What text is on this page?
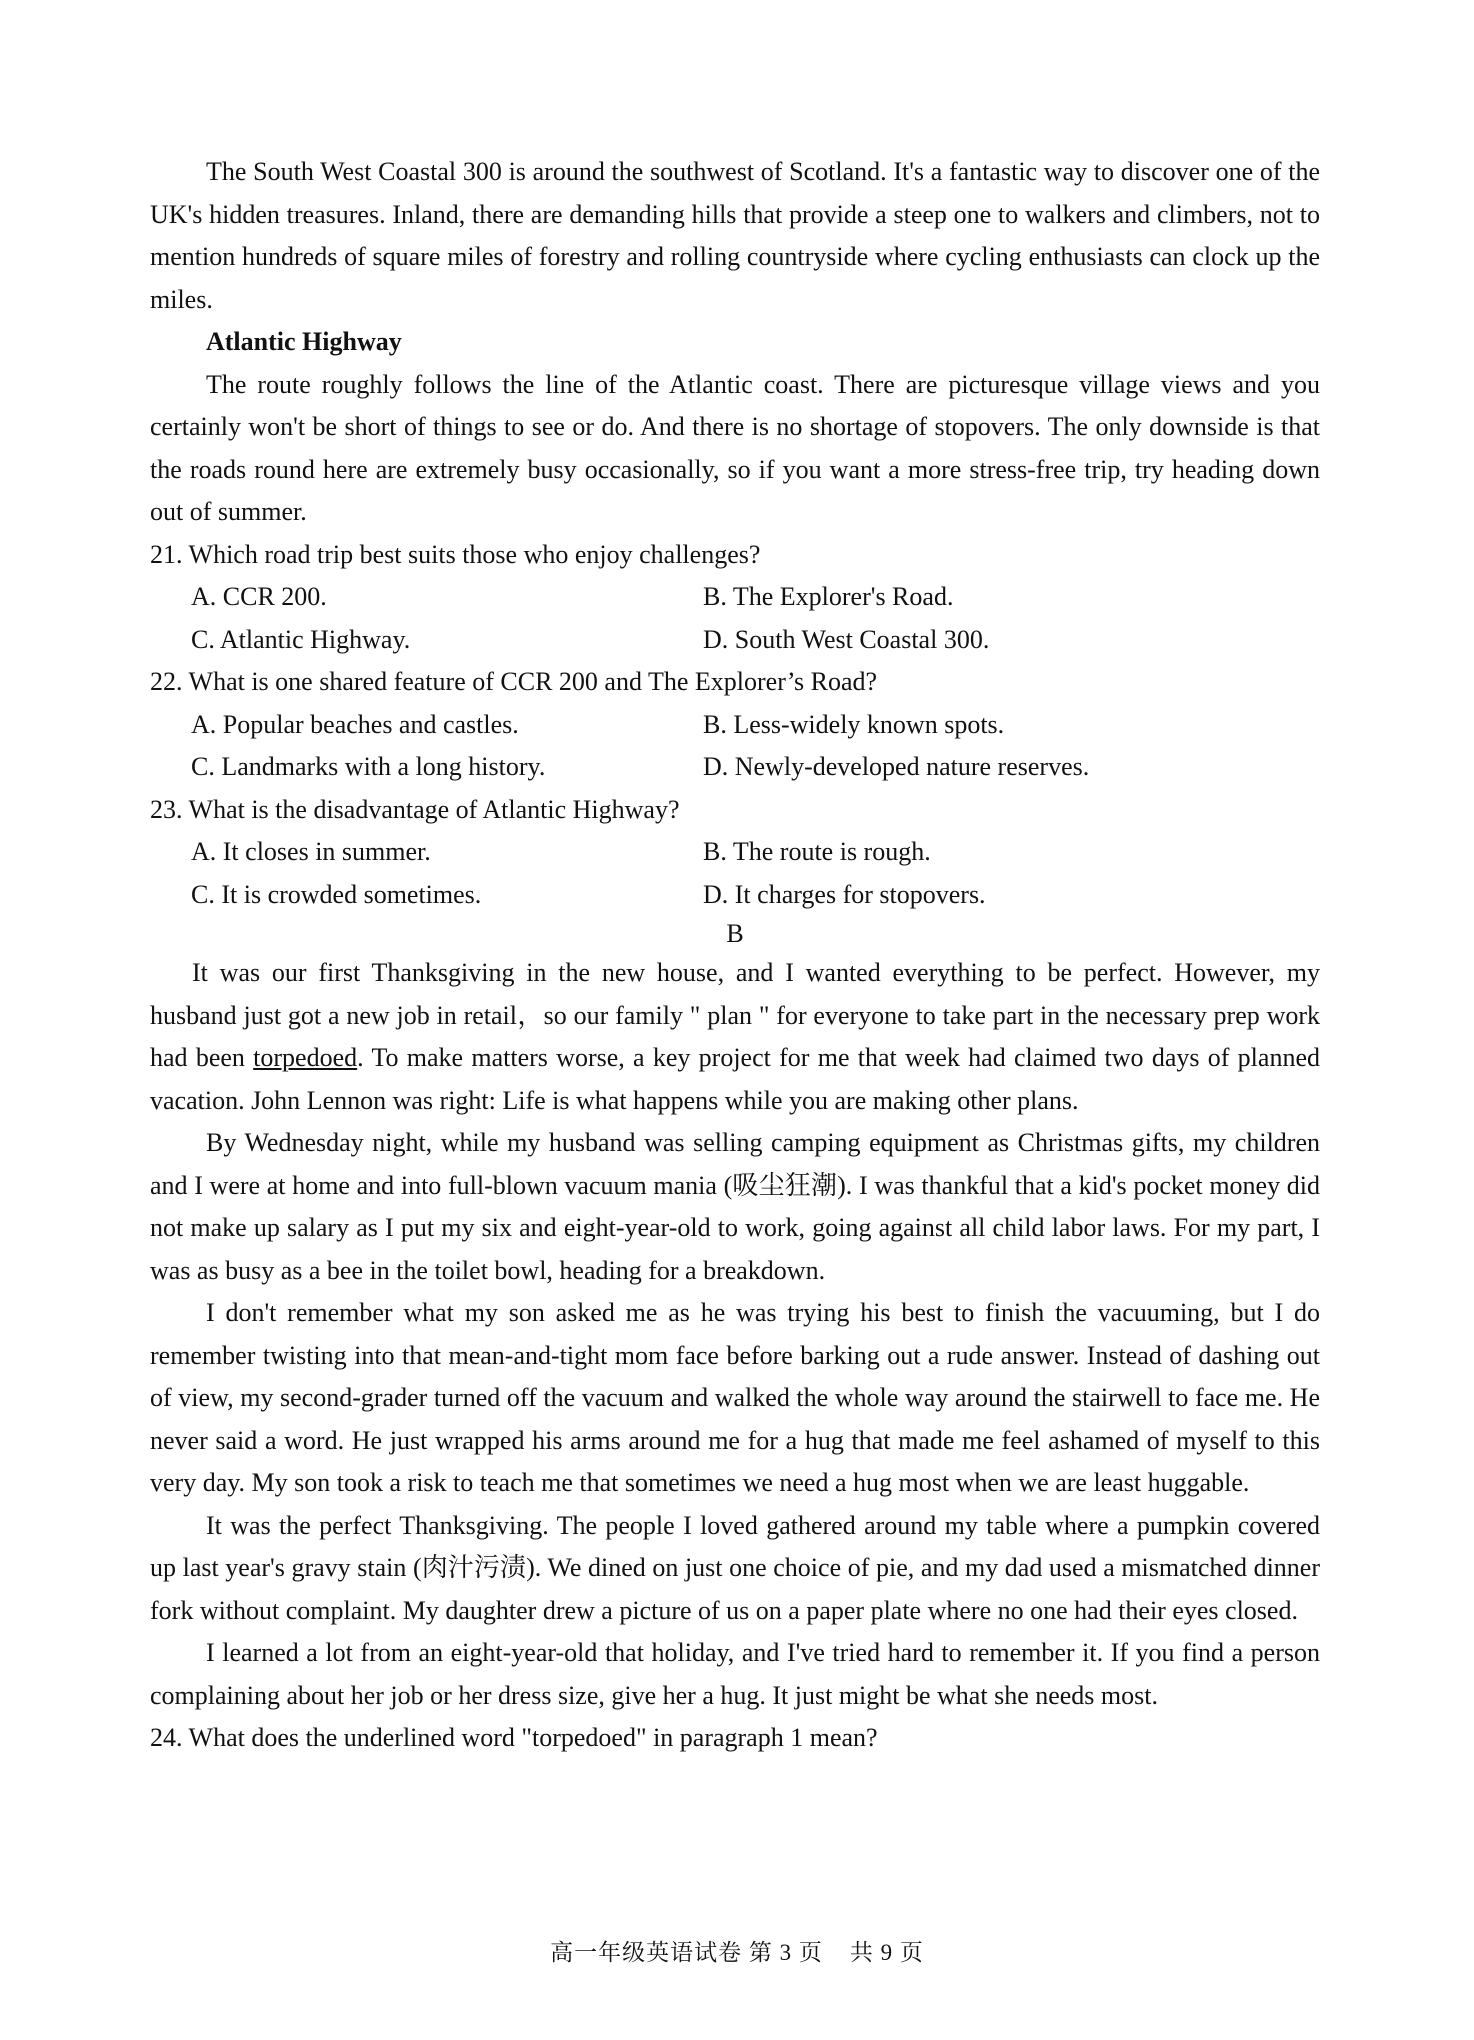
The South West Coastal 300 is around the southwest of Scotland. It's a fantastic way to discover one of the UK's hidden treasures. Inland, there are demanding hills that provide a steep one to walkers and climbers, not to mention hundreds of square miles of forestry and rolling countryside where cycling enthusiasts can clock up the miles.

Atlantic Highway

The route roughly follows the line of the Atlantic coast. There are picturesque village views and you certainly won't be short of things to see or do. And there is no shortage of stopovers. The only downside is that the roads round here are extremely busy occasionally, so if you want a more stress-free trip, try heading down out of summer.

21. Which road trip best suits those who enjoy challenges?

A. CCR 200.	B. The Explorer's Road.
C. Atlantic Highway.	D. South West Coastal 300.

22. What is one shared feature of CCR 200 and The Explorer’s Road?

A. Popular beaches and castles.	B. Less-widely known spots.
C. Landmarks with a long history.	D. Newly-developed nature reserves.

23. What is the disadvantage of Atlantic Highway?

A. It closes in summer.	B. The route is rough.
C. It is crowded sometimes.	D. It charges for stopovers.

B

It was our first Thanksgiving in the new house, and I wanted everything to be perfect. However, my husband just got a new job in retail，so our family " plan " for everyone to take part in the necessary prep work had been torpedoed. To make matters worse, a key project for me that week had claimed two days of planned vacation. John Lennon was right: Life is what happens while you are making other plans.

By Wednesday night, while my husband was selling camping equipment as Christmas gifts, my children and I were at home and into full-blown vacuum mania (吸尘狂潮). I was thankful that a kid's pocket money did not make up salary as I put my six and eight-year-old to work, going against all child labor laws. For my part, I was as busy as a bee in the toilet bowl, heading for a breakdown.

I don't remember what my son asked me as he was trying his best to finish the vacuuming, but I do remember twisting into that mean-and-tight mom face before barking out a rude answer. Instead of dashing out of view, my second-grader turned off the vacuum and walked the whole way around the stairwell to face me. He never said a word. He just wrapped his arms around me for a hug that made me feel ashamed of myself to this very day. My son took a risk to teach me that sometimes we need a hug most when we are least huggable.

It was the perfect Thanksgiving. The people I loved gathered around my table where a pumpkin covered up last year's gravy stain (肉汁污渍). We dined on just one choice of pie, and my dad used a mismatched dinner fork without complaint. My daughter drew a picture of us on a paper plate where no one had their eyes closed.

I learned a lot from an eight-year-old that holiday, and I've tried hard to remember it. If you find a person complaining about her job or her dress size, give her a hug. It just might be what she needs most.

24. What does the underlined word "torpedoed" in paragraph 1 mean?

高一年级英语试卷 第 3 页    共 9 页
